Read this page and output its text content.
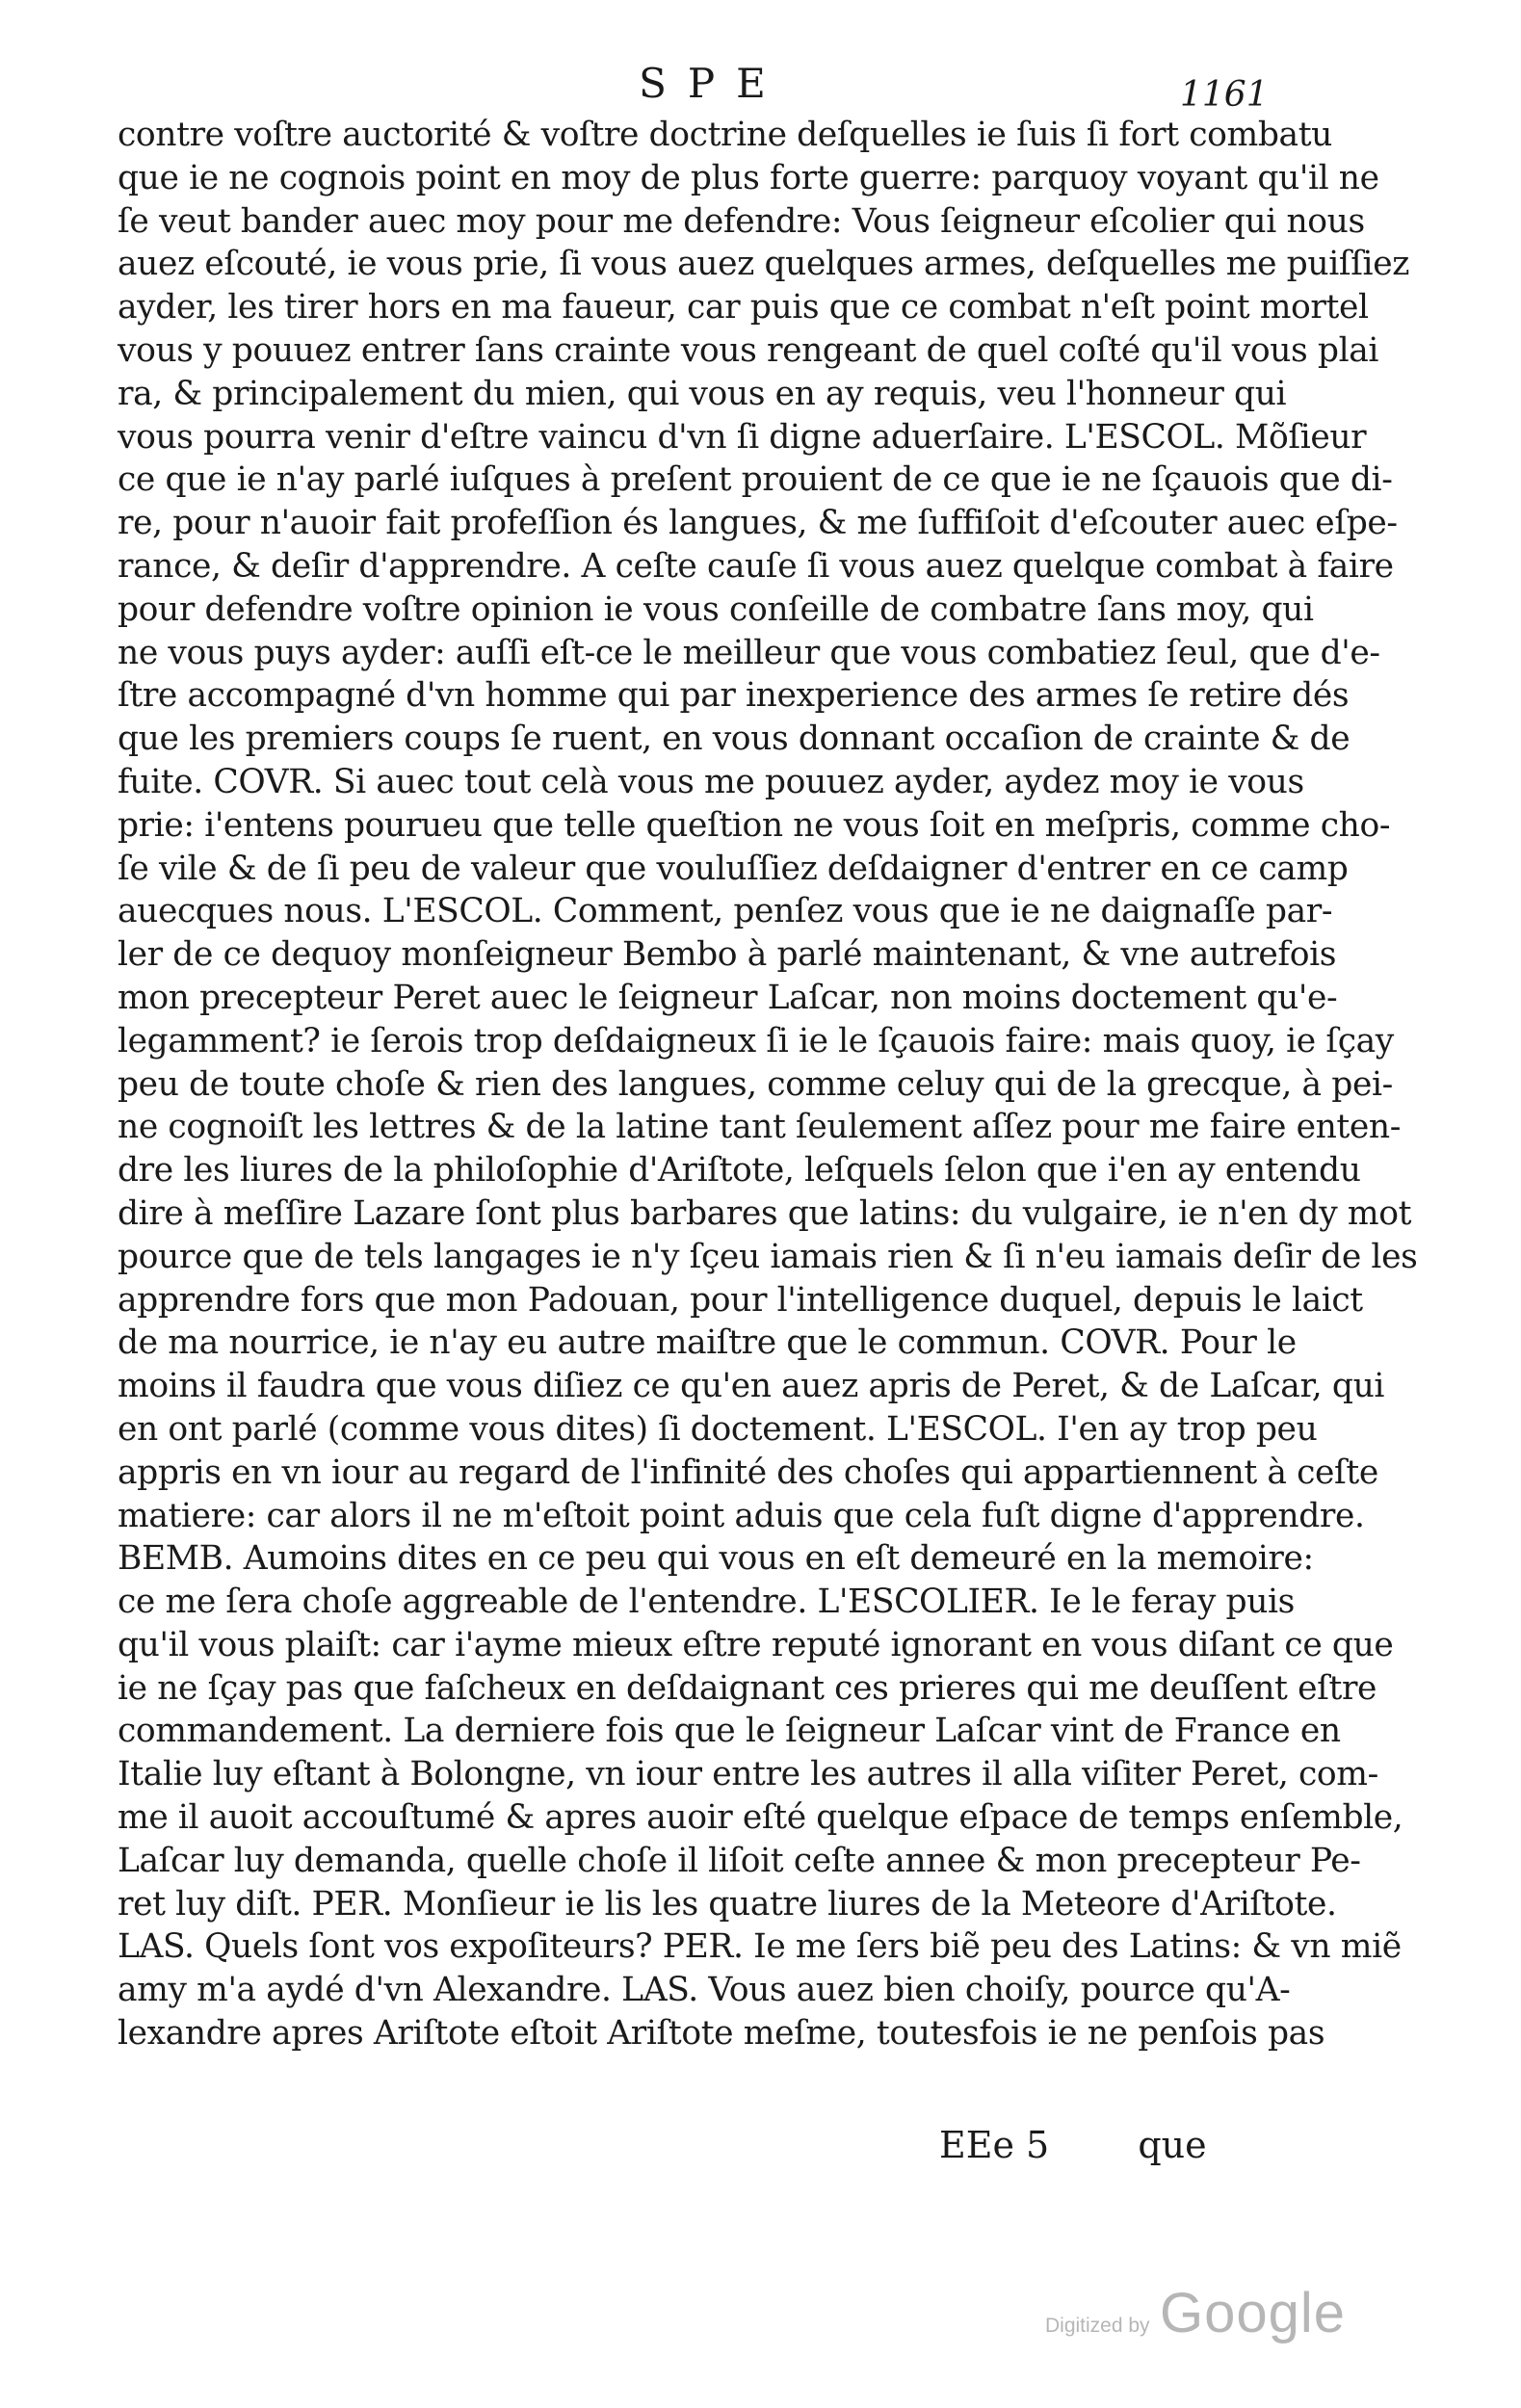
SPE	1161
contre voſtre auctorité & voſtre doctrine deſquelles ie ſuis ſi fort combatu
que ie ne cognois point en moy de plus forte guerre: parquoy voyant qu'il ne
ſe veut bander auec moy pour me defendre: Vous ſeigneur eſcolier qui nous
auez eſcouté, ie vous prie, ſi vous auez quelques armes, deſquelles me puiſſiez
ayder, les tirer hors en ma faueur, car puis que ce combat n'eſt point mortel
vous y pouuez entrer ſans crainte vous rengeant de quel coſté qu'il vous plai
ra, & principalement du mien, qui vous en ay requis, veu l'honneur qui
vous pourra venir d'eſtre vaincu d'vn ſi digne aduerſaire. L'ESCOL. Mõſieur
ce que ie n'ay parlé iuſques à preſent prouient de ce que ie ne ſçauois que di-
re, pour n'auoir fait profeſſion és langues, & me ſuffiſoit d'eſcouter auec eſpe-
rance, & deſir d'apprendre. A ceſte cauſe ſi vous auez quelque combat à faire
pour defendre voſtre opinion ie vous conſeille de combatre ſans moy, qui
ne vous puys ayder: auſſi eſt-ce le meilleur que vous combatiez ſeul, que d'e-
ſtre accompagné d'vn homme qui par inexperience des armes ſe retire dés
que les premiers coups ſe ruent, en vous donnant occaſion de crainte & de
fuite. COVR. Si auec tout celà vous me pouuez ayder, aydez moy ie vous
prie: i'entens pourueu que telle queſtion ne vous ſoit en meſpris, comme cho-
ſe vile & de ſi peu de valeur que vouluſſiez deſdaigner d'entrer en ce camp
auecques nous. L'ESCOL. Comment, penſez vous que ie ne daignaſſe par-
ler de ce dequoy monſeigneur Bembo à parlé maintenant, & vne autrefois
mon precepteur Peret auec le ſeigneur Laſcar, non moins doctement qu'e-
legamment? ie ſerois trop deſdaigneux ſi ie le ſçauois faire: mais quoy, ie ſçay
peu de toute choſe & rien des langues, comme celuy qui de la grecque, à pei-
ne cognoiſt les lettres & de la latine tant ſeulement aſſez pour me faire enten-
dre les liures de la philoſophie d'Ariſtote, leſquels ſelon que i'en ay entendu
dire à meſſire Lazare ſont plus barbares que latins: du vulgaire, ie n'en dy mot
pource que de tels langages ie n'y ſçeu iamais rien & ſi n'eu iamais deſir de les
apprendre fors que mon Padouan, pour l'intelligence duquel, depuis le laict
de ma nourrice, ie n'ay eu autre maiſtre que le commun. COVR. Pour le
moins il faudra que vous diſiez ce qu'en auez apris de Peret, & de Laſcar, qui
en ont parlé (comme vous dites) ſi doctement. L'ESCOL. I'en ay trop peu
appris en vn iour au regard de l'infinité des choſes qui appartiennent à ceſte
matiere: car alors il ne m'eſtoit point aduis que cela fuſt digne d'apprendre.
BEMB. Aumoins dites en ce peu qui vous en eſt demeuré en la memoire:
ce me ſera choſe aggreable de l'entendre. L'ESCOLIER. Ie le feray puis
qu'il vous plaiſt: car i'ayme mieux eſtre reputé ignorant en vous diſant ce que
ie ne ſçay pas que faſcheux en deſdaignant ces prieres qui me deuſſent eſtre
commandement. La derniere fois que le ſeigneur Laſcar vint de France en
Italie luy eſtant à Bolongne, vn iour entre les autres il alla viſiter Peret, com-
me il auoit accouſtumé & apres auoir eſté quelque eſpace de temps enſemble,
Laſcar luy demanda, quelle choſe il liſoit ceſte annee & mon precepteur Pe-
ret luy diſt. PER. Monſieur ie lis les quatre liures de la Meteore d'Ariſtote.
LAS. Quels ſont vos expoſiteurs? PER. Ie me ſers biẽ peu des Latins: & vn miẽ
amy m'a aydé d'vn Alexandre. LAS. Vous auez bien choiſy, pource qu'A-
lexandre apres Ariſtote eſtoit Ariſtote meſme, toutesfois ie ne penſois pas
EEe 5 que
Digitized by Google
